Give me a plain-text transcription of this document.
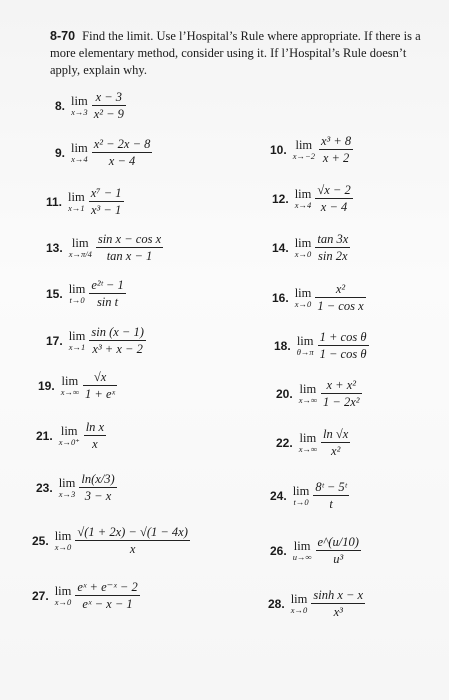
8-70 Find the limit. Use l’Hospital’s Rule where appropriate. If there is a more elementary method, consider using it. If l’Hospital’s Rule doesn’t apply, explain why.
8. lim
$x\to 3 \frac{x - 3}{\text{x² − 9}}$
9. lim
$x\to 4 \frac{\text{x² − 2x − 8}}{x - 4}$
11. lim
$x\to 1 \frac{\text{x⁷ − 1}}{\text{x³ − 1}}$
13. lim
$x\to\pi/4 \frac{\text{sin x − cos x}}{\text{tan x − 1}}$
15. lim
$t\to 0 \frac{\text{e²ᵗ − 1}}{\text{sin t}}$
17. lim
$x\to 1 \frac{\sin (x - 1)}{\text{x³ + x − 2}}$
19. lim
$x\to\infty \frac{√x}{\text{1 + eˣ}}$
21. lim
$x\to 0^+ \frac{\text{ln x}}{x}$
23. lim
$x\to 3 \frac{\ln(x/3)}{3 - x}$
25. lim
$x\to 0 \frac{√(1 + 2x) - √(1 - 4x)}{x}$
27. lim
$x\to 0 \frac{\text{eˣ + e⁻ˣ − 2}}{\text{eˣ − x − 1}}$
10. lim
$x\to-2 \frac{\text{x³ + 8}}{x + 2}$
12. lim
$x\to 4 \frac{√x - 2}{x - 4}$
14. lim
$x\to 0 \frac{\tan 3x}{\sin 2x}$
16. lim
$x\to 0 \frac{\text{x²}}{\text{1 − cos x}}$
18. lim
$\theta\to\pi \frac{\text{1 + cos θ}}{\text{1 − cos θ}}$
20. lim
$x\to\infty \frac{\text{x + x²}}{\text{1 − 2x²}}$
22. lim
$x\to\infty \frac{\ln √x}{\text{x²}}$
24. lim
$t\to 0 \frac{\text{8ᵗ − 5ᵗ}}{t}$
26. lim
$u\to\infty \frac{e\^{}(u/10)}{\text{u³}}$
28. lim
$x\to 0 \frac{\text{sinh x − x}}{\text{x³}}$
